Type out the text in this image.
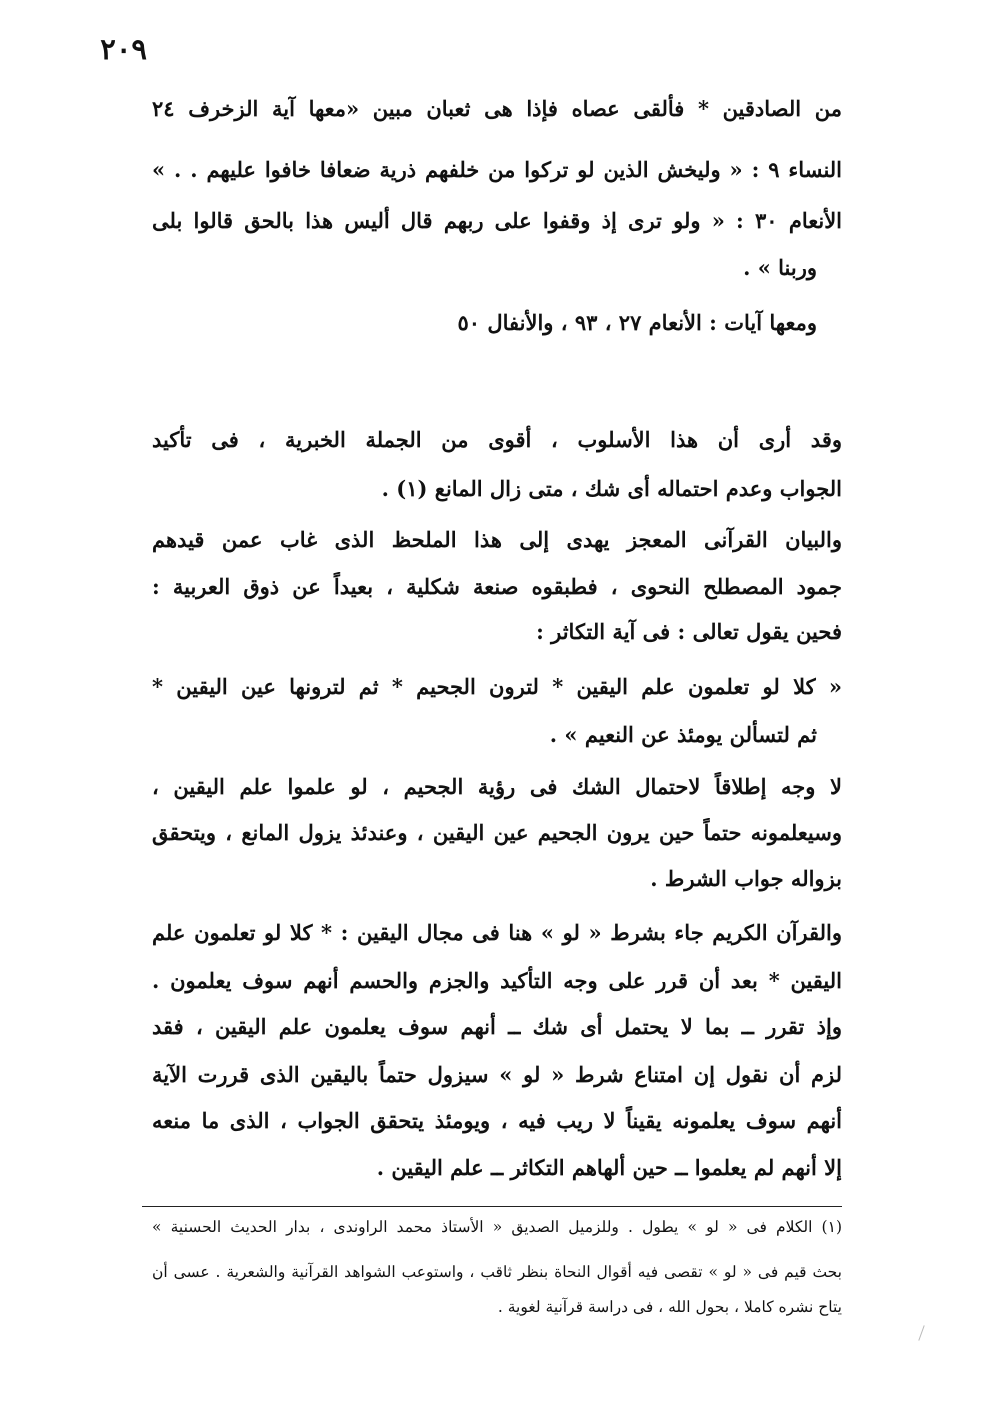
٢٠٩
من الصادقين * فألقى عصاه فإذا هى ثعبان مبين «معها آية الزخرف ٢٤
النساء ٩ : « وليخش الذين لو تركوا من خلفهم ذرية ضعافا خافوا عليهم . . »
الأنعام ٣٠ : « ولو ترى إذ وقفوا على ربهم قال أليس هذا بالحق قالوا بلى
وربنا » .
ومعها آيات : الأنعام ٢٧ ، ٩٣ ، والأنفال ٥٠
وقد أرى أن هذا الأسلوب ، أقوى من الجملة الخبرية ، فى تأكيد
الجواب وعدم احتماله أى شك ، متى زال المانع (١) .
والبيان القرآنى المعجز يهدى إلى هذا الملحظ الذى غاب عمن قيدهم
جمود المصطلح النحوى ، فطبقوه صنعة شكلية ، بعيداً عن ذوق العربية :
فحين يقول تعالى : فى آية التكاثر :
« كلا لو تعلمون علم اليقين * لترون الجحيم * ثم لترونها عين اليقين *
ثم لتسألن يومئذ عن النعيم » .
لا وجه إطلاقاً لاحتمال الشك فى رؤية الجحيم ، لو علموا علم اليقين ،
وسيعلمونه حتماً حين يرون الجحيم عين اليقين ، وعندئذ يزول المانع ، ويتحقق
بزواله جواب الشرط .
والقرآن الكريم جاء بشرط « لو » هنا فى مجال اليقين : * كلا لو تعلمون علم
اليقين * بعد أن قرر على وجه التأكيد والجزم والحسم أنهم سوف يعلمون .
وإذ تقرر ــ بما لا يحتمل أى شك ــ أنهم سوف يعلمون علم اليقين ، فقد
لزم أن نقول إن امتناع شرط « لو » سيزول حتماً باليقين الذى قررت الآية
أنهم سوف يعلمونه يقيناً لا ريب فيه ، ويومئذ يتحقق الجواب ، الذى ما منعه
إلا أنهم لم يعلموا ــ حين ألهاهم التكاثر ــ علم اليقين .
(١) الكلام فى « لو » يطول . وللزميل الصديق « الأستاذ محمد الراوندى ، بدار الحديث الحسنية »
بحث قيم فى « لو » تقصى فيه أقوال النحاة بنظر ثاقب ، واستوعب الشواهد القرآنية والشعرية . عسى أن
يتاح نشره كاملا ، بحول الله ، فى دراسة قرآنية لغوية .
